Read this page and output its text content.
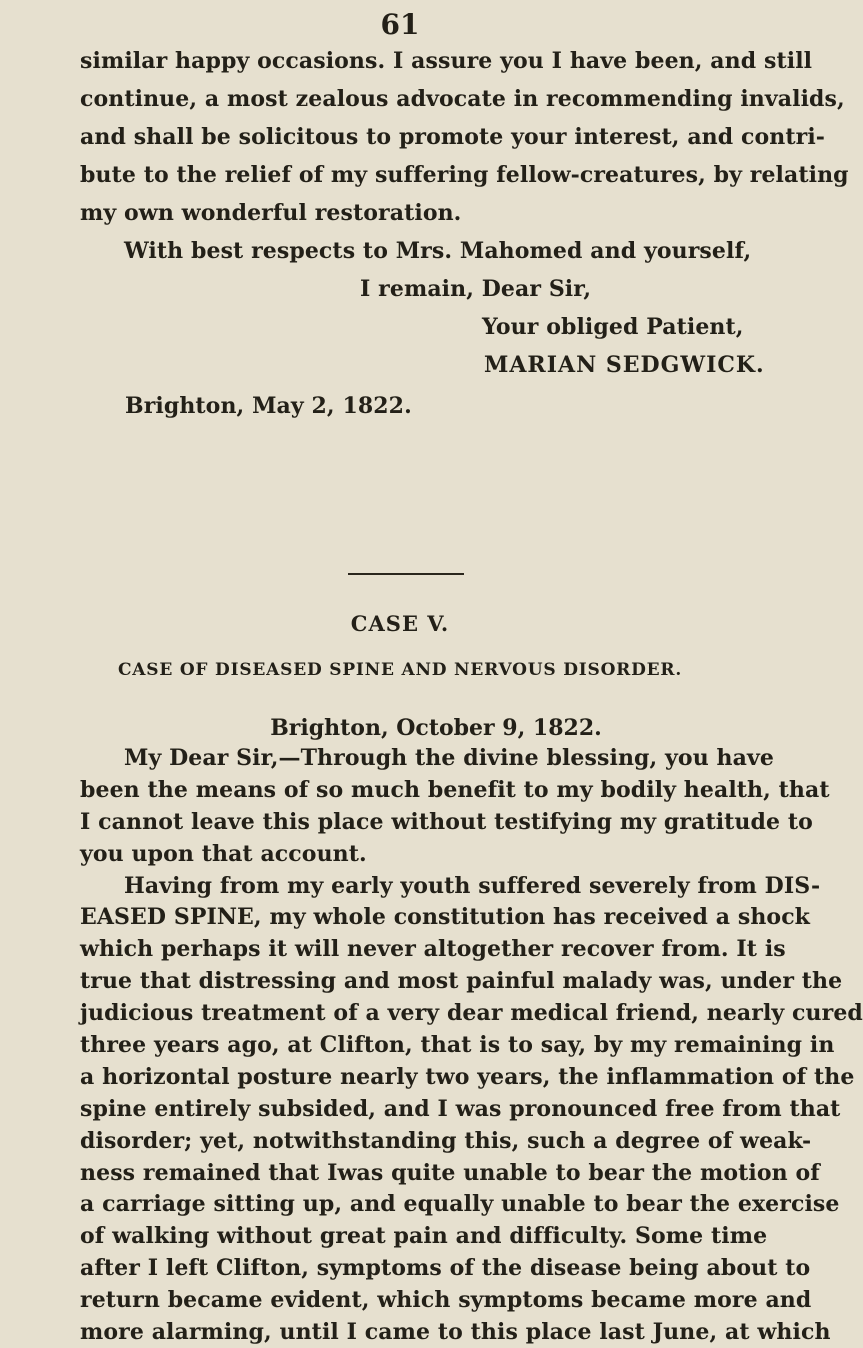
61
similar happy occasions. I assure you I have been, and still
continue, a most zealous advocate in recommending invalids,
and shall be solicitous to promote your interest, and contri-
bute to the relief of my suffering fellow-creatures, by relating
my own wonderful restoration.
With best respects to Mrs. Mahomed and yourself,
I remain, Dear Sir,
Your obliged Patient,
MARIAN SEDGWICK.
Brighton, May 2, 1822.
CASE V.
CASE OF DISEASED SPINE AND NERVOUS DISORDER.
Brighton, October 9, 1822.
My Dear Sir,—Through the divine blessing, you have
been the means of so much benefit to my bodily health, that
I cannot leave this place without testifying my gratitude to
you upon that account.
Having from my early youth suffered severely from DIS-
EASED SPINE, my whole constitution has received a shock
which perhaps it will never altogether recover from. It is
true that distressing and most painful malady was, under the
judicious treatment of a very dear medical friend, nearly cured
three years ago, at Clifton, that is to say, by my remaining in
a horizontal posture nearly two years, the inflammation of the
spine entirely subsided, and I was pronounced free from that
disorder; yet, notwithstanding this, such a degree of weak-
ness remained that Iwas quite unable to bear the motion of
a carriage sitting up, and equally unable to bear the exercise
of walking without great pain and difficulty. Some time
after I left Clifton, symptoms of the disease being about to
return became evident, which symptoms became more and
more alarming, until I came to this place last June, at which
